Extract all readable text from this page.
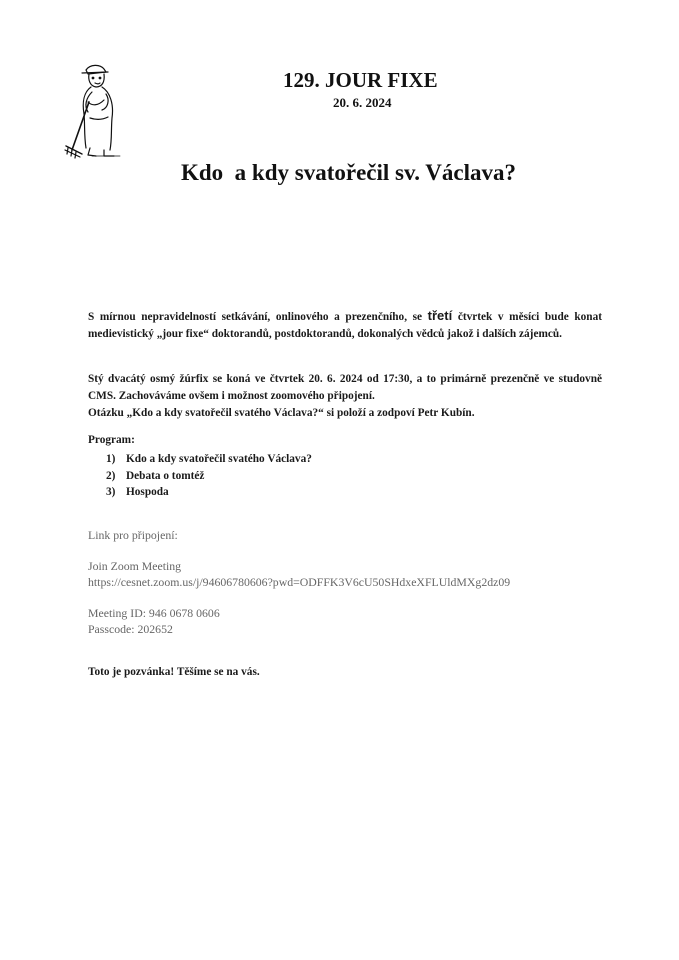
129. JOUR FIXE
20. 6. 2024
Kdo  a kdy svatořečil sv. Václava?
S mírnou nepravidelností setkávání, onlinového a prezenčního, se třetí čtvrtek v měsíci bude konat medievistický „jour fixe“ doktorandů, postdoktorandů, dokonalých vědců jakož i dalších zájemců.

Stý dvacátý osmý žúrfix se koná ve čtvrtek 20. 6. 2024 od 17:30, a to primárně prezenčně ve studovně CMS. Zachováváme ovšem i možnost zoomového připojení.

Otázku „Kdo a kdy svatořečil svatého Václava?“ si položí a zodpoví Petr Kubín.

Program:
1) Kdo a kdy svatořečil svatého Václava?
2) Debata o tomtéž
3) Hospoda
Link pro připojení:
Join Zoom Meeting
https://cesnet.zoom.us/j/94606780606?pwd=ODFFK3V6cU50SHdxeXFLUldMXg2dz09
Meeting ID: 946 0678 0606
Passcode: 202652
Toto je pozvánka! Těšíme se na vás.
